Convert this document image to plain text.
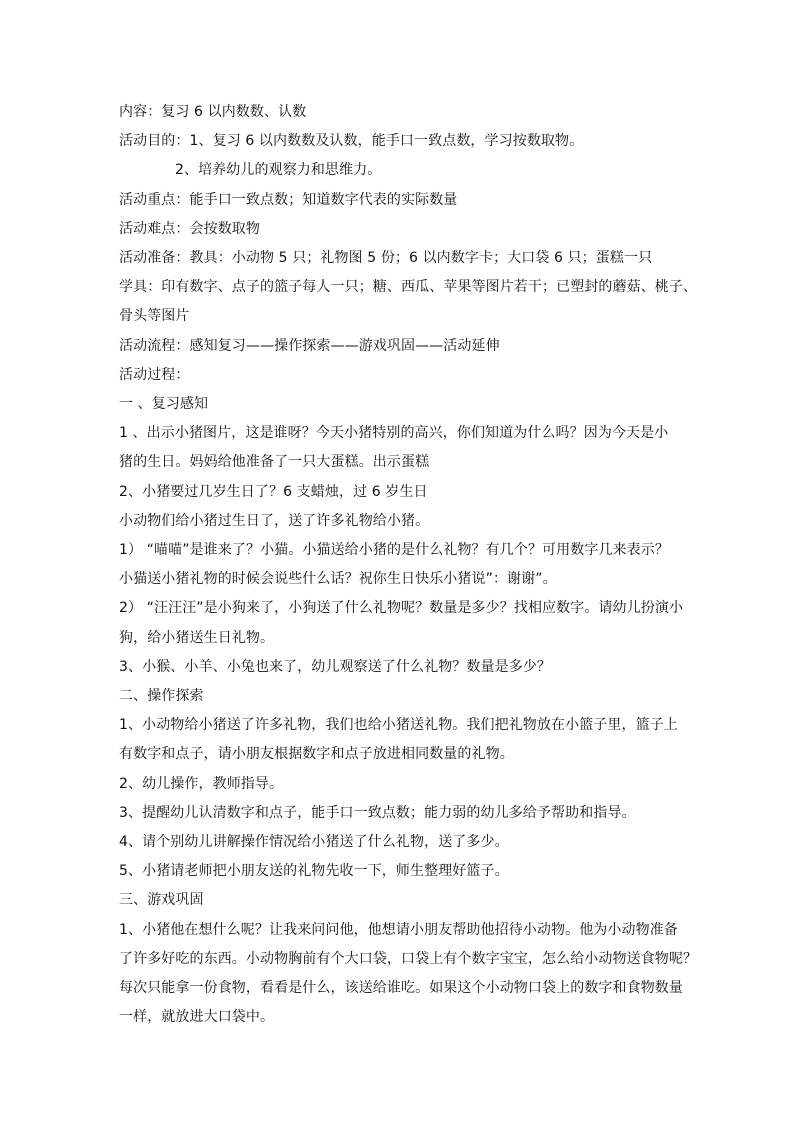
内容：复习 6 以内数数、认数
活动目的：1、复习 6 以内数数及认数，能手口一致点数，学习按数取物。
2、培养幼儿的观察力和思维力。
活动重点：能手口一致点数；知道数字代表的实际数量
活动难点：会按数取物
活动准备：教具：小动物 5 只；礼物图 5 份；6 以内数字卡；大口袋 6 只；蛋糕一只
学具：印有数字、点子的篮子每人一只；糖、西瓜、苹果等图片若干；已塑封的蘑菇、桃子、
骨头等图片
活动流程：感知复习——操作探索——游戏巩固——活动延伸
活动过程：
一 、复习感知
1 、出示小猪图片，这是谁呀？今天小猪特别的高兴，你们知道为什么吗？因为今天是小
猪的生日。妈妈给他准备了一只大蛋糕。出示蛋糕
2、小猪要过几岁生日了？6 支蜡烛，过 6 岁生日
小动物们给小猪过生日了，送了许多礼物给小猪。
1） “喵喵”是谁来了？小猫。小猫送给小猪的是什么礼物？有几个？可用数字几来表示？
小猫送小猪礼物的时候会说些什么话？祝你生日快乐小猪说”：谢谢”。
2） “汪汪汪”是小狗来了，小狗送了什么礼物呢？数量是多少？找相应数字。请幼儿扮演小
狗，给小猪送生日礼物。
3、小猴、小羊、小兔也来了，幼儿观察送了什么礼物？数量是多少？
二、操作探索
1、小动物给小猪送了许多礼物，我们也给小猪送礼物。我们把礼物放在小篮子里，篮子上
有数字和点子，请小朋友根据数字和点子放进相同数量的礼物。
2、幼儿操作，教师指导。
3、提醒幼儿认清数字和点子，能手口一致点数；能力弱的幼儿多给予帮助和指导。
4、请个别幼儿讲解操作情况给小猪送了什么礼物，送了多少。
5、小猪请老师把小朋友送的礼物先收一下，师生整理好篮子。
三、游戏巩固
1、小猪他在想什么呢？让我来问问他，他想请小朋友帮助他招待小动物。他为小动物准备
了许多好吃的东西。小动物胸前有个大口袋，口袋上有个数字宝宝，怎么给小动物送食物呢？
每次只能拿一份食物，看看是什么，该送给谁吃。如果这个小动物口袋上的数字和食物数量
一样，就放进大口袋中。
